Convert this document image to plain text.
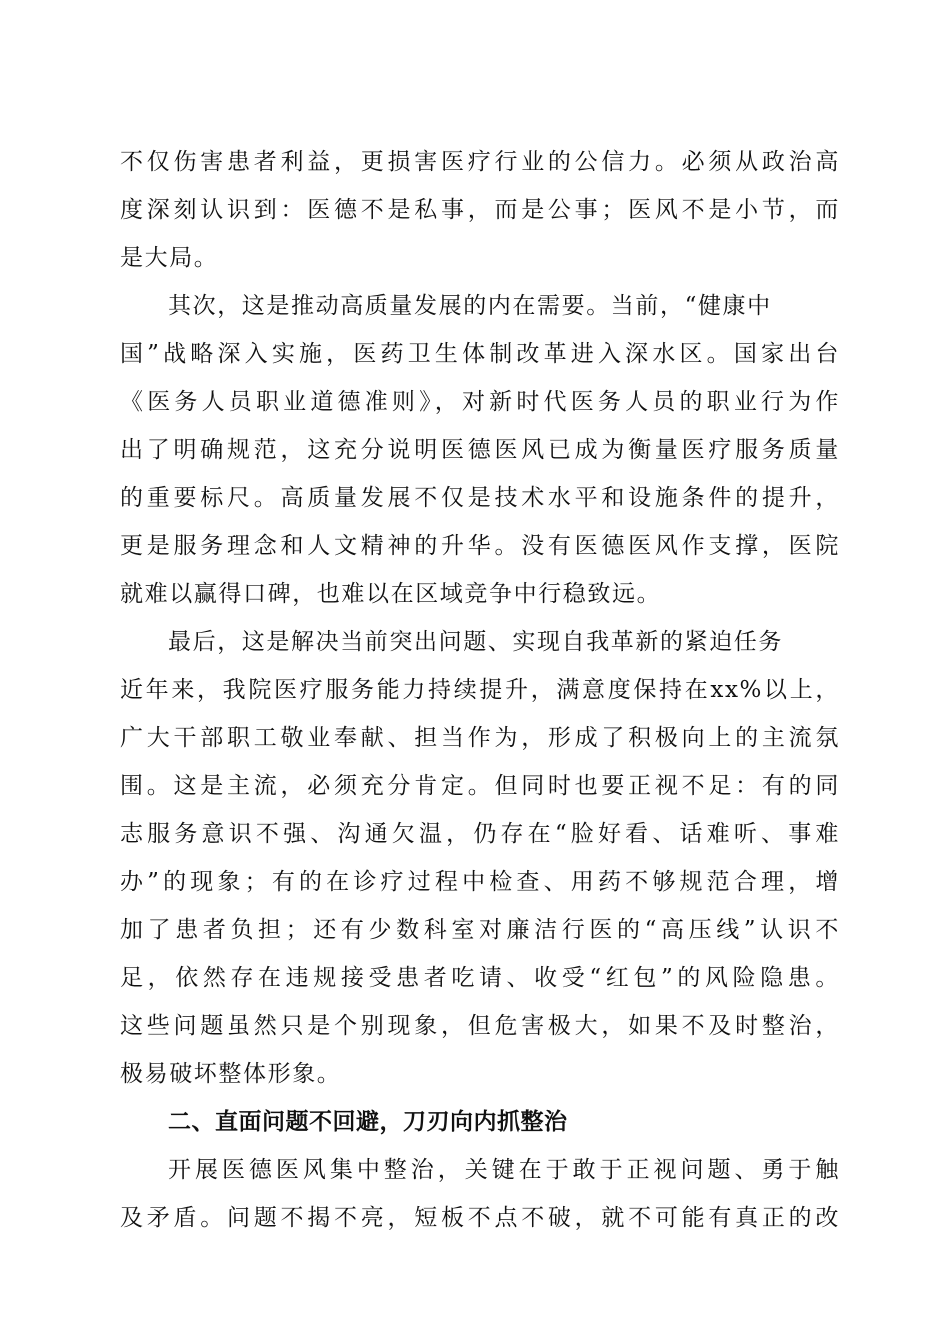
不仅伤害患者利益，更损害医疗行业的公信力。必须从政治高
度深刻认识到：医德不是私事，而是公事；医风不是小节，而
是大局。
其次，这是推动高质量发展的内在需要。当前，“健康中
国”战略深入实施，医药卫生体制改革进入深水区。国家出台
《医务人员职业道德准则》，对新时代医务人员的职业行为作
出了明确规范，这充分说明医德医风已成为衡量医疗服务质量
的重要标尺。高质量发展不仅是技术水平和设施条件的提升，
更是服务理念和人文精神的升华。没有医德医风作支撑，医院
就难以赢得口碑，也难以在区域竞争中行稳致远。
最后，这是解决当前突出问题、实现自我革新的紧迫任务
近年来，我院医疗服务能力持续提升，满意度保持在xx%以上，
广大干部职工敬业奉献、担当作为，形成了积极向上的主流氛
围。这是主流，必须充分肯定。但同时也要正视不足：有的同
志服务意识不强、沟通欠温，仍存在“脸好看、话难听、事难
办”的现象；有的在诊疗过程中检查、用药不够规范合理，增
加了患者负担；还有少数科室对廉洁行医的“高压线”认识不
足，依然存在违规接受患者吃请、收受“红包”的风险隐患。
这些问题虽然只是个别现象，但危害极大，如果不及时整治，
极易破坏整体形象。
二、直面问题不回避，刀刃向内抓整治
开展医德医风集中整治，关键在于敢于正视问题、勇于触
及矛盾。问题不揭不亮，短板不点不破，就不可能有真正的改
